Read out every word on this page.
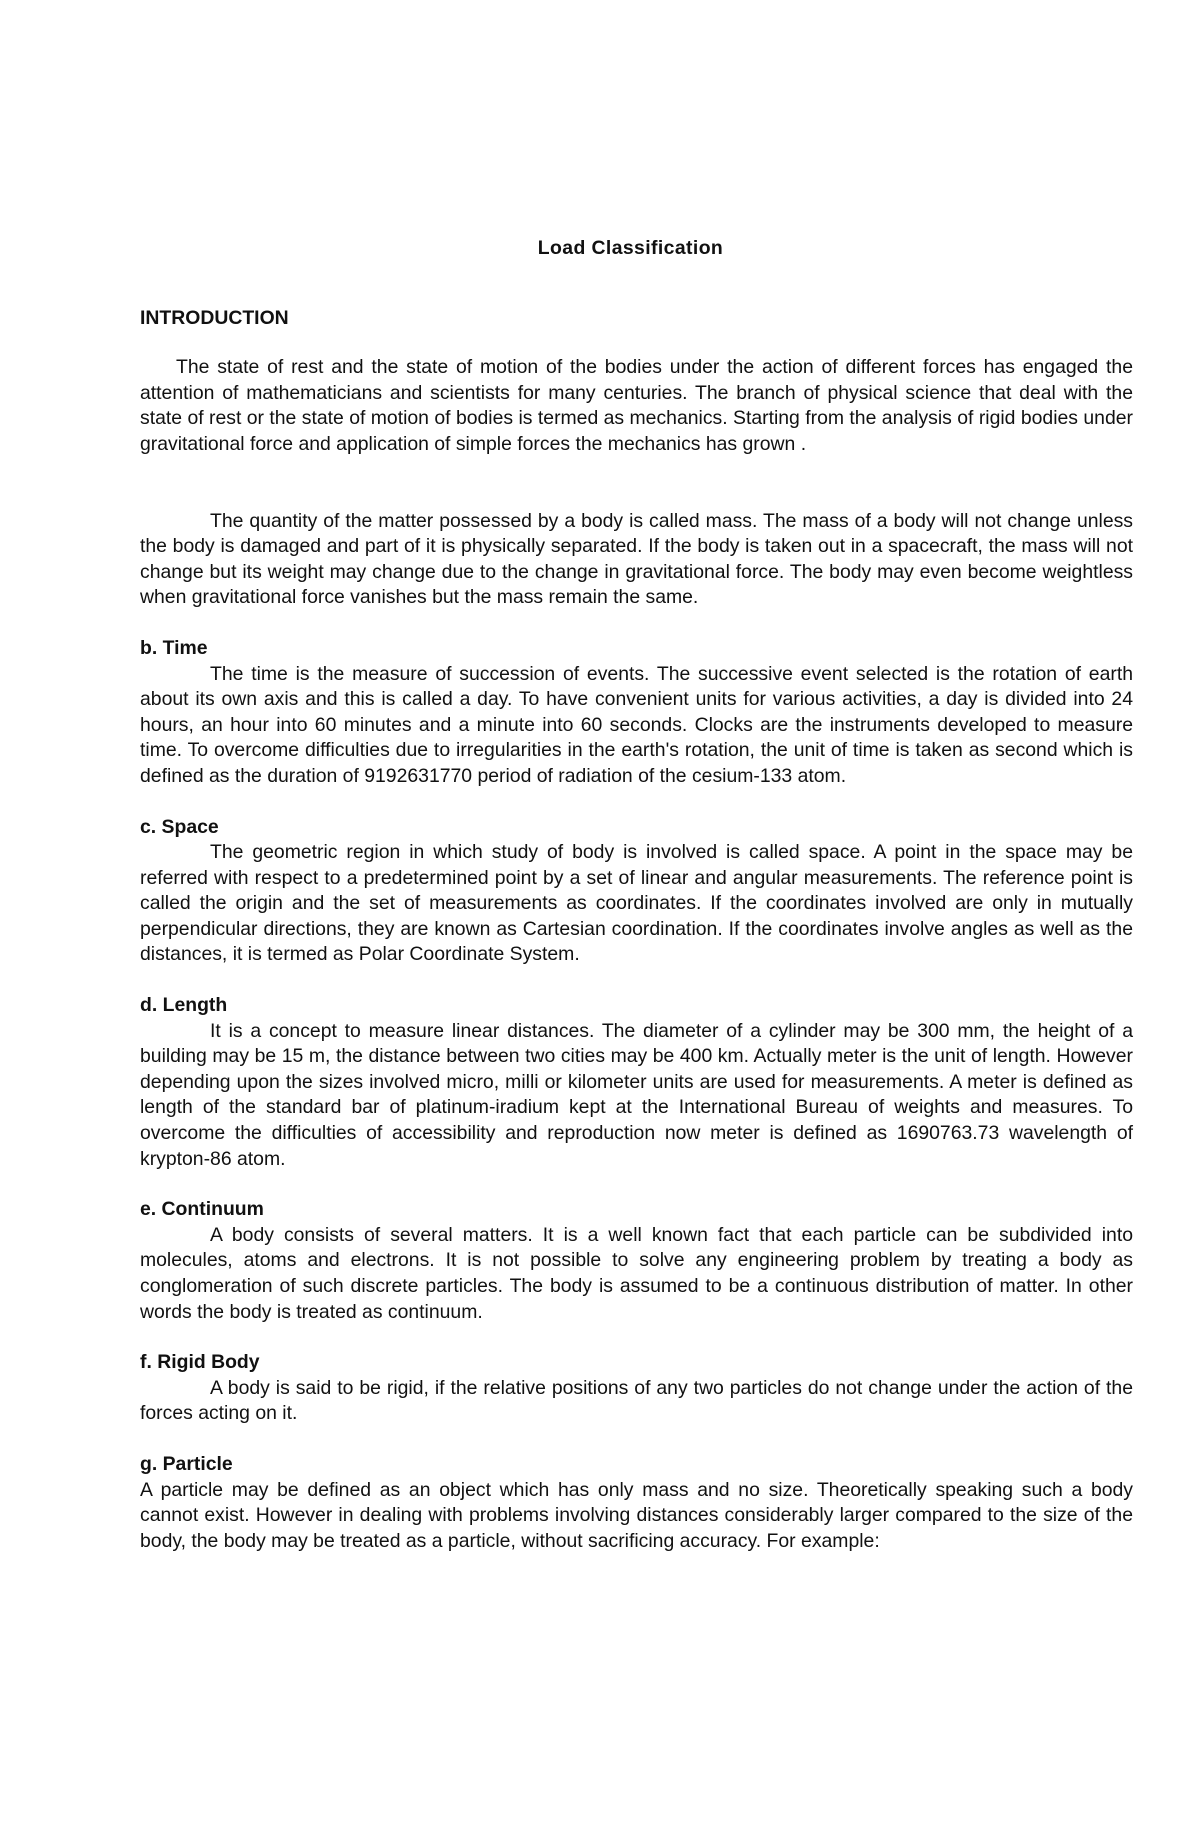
Load Classification
INTRODUCTION

The state of rest and the state of motion of the bodies under the action of different forces has engaged the attention of mathematicians and scientists for many centuries. The branch of physical science that deal with the state of rest or the state of motion of bodies is termed as mechanics. Starting from the analysis of rigid bodies under gravitational force and application of simple forces the mechanics has grown .

The quantity of the matter possessed by a body is called mass. The mass of a body will not change unless the body is damaged and part of it is physically separated. If the body is taken out in a spacecraft, the mass will not change but its weight may change due to the change in gravitational force. The body may even become weightless when gravitational force vanishes but the mass remain the same.

b. Time

The time is the measure of succession of events. The successive event selected is the rotation of earth about its own axis and this is called a day. To have convenient units for various activities, a day is divided into 24 hours, an hour into 60 minutes and a minute into 60 seconds. Clocks are the instruments developed to measure time. To overcome difficulties due to irregularities in the earth's rotation, the unit of time is taken as second which is defined as the duration of 9192631770 period of radiation of the cesium-133 atom.

c. Space

The geometric region in which study of body is involved is called space. A point in the space may be referred with respect to a predetermined point by a set of linear and angular measurements. The reference point is called the origin and the set of measurements as coordinates. If the coordinates involved are only in mutually perpendicular directions, they are known as Cartesian coordination. If the coordinates involve angles as well as the distances, it is termed as Polar Coordinate System.

d. Length

It is a concept to measure linear distances. The diameter of a cylinder may be 300 mm, the height of a building may be 15 m, the distance between two cities may be 400 km. Actually meter is the unit of length. However depending upon the sizes involved micro, milli or kilometer units are used for measurements. A meter is defined as length of the standard bar of platinum-iradium kept at the International Bureau of weights and measures. To overcome the difficulties of accessibility and reproduction now meter is defined as 1690763.73 wavelength of krypton-86 atom.

e. Continuum

A body consists of several matters. It is a well known fact that each particle can be subdivided into molecules, atoms and electrons. It is not possible to solve any engineering problem by treating a body as conglomeration of such discrete particles. The body is assumed to be a continuous distribution of matter. In other words the body is treated as continuum.

f. Rigid Body

A body is said to be rigid, if the relative positions of any two particles do not change under the action of the forces acting on it.

g. Particle

A particle may be defined as an object which has only mass and no size. Theoretically speaking such a body cannot exist. However in dealing with problems involving distances considerably larger compared to the size of the body, the body may be treated as a particle, without sacrificing accuracy. For example:
